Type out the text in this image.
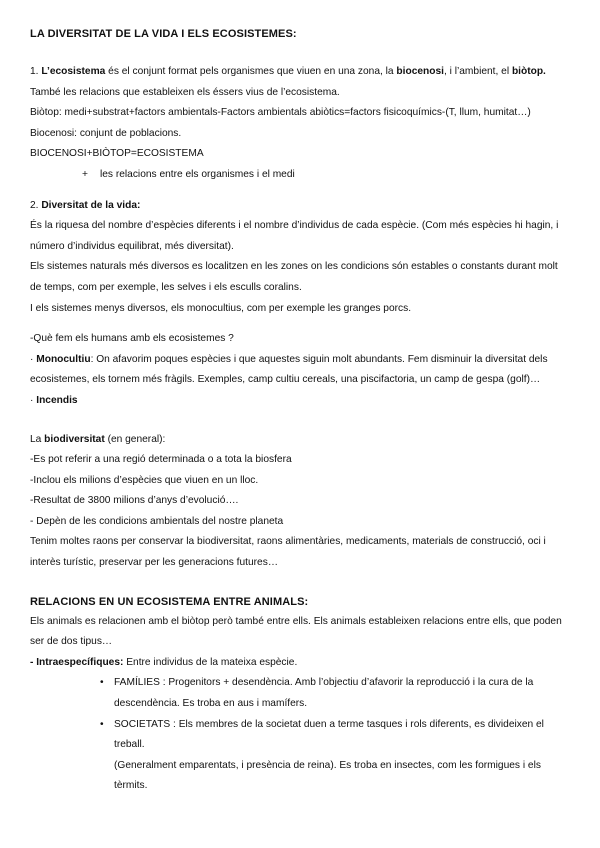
LA DIVERSITAT DE LA VIDA I ELS ECOSISTEMES:

1. L’ecosistema és el conjunt format pels organismes que viuen en una zona, la biocenosi, i l’ambient, el biòtop.

També les relacions que estableixen els éssers vius de l’ecosistema.

Biòtop: medi+substrat+factors ambientals-Factors ambientals abiòtics=factors fisicoquímics-(T, llum, humitat…)

Biocenosi: conjunt de poblacions.

BIOCENOSI+BIÒTOP=ECOSISTEMA

+	les relacions entre els organismes i el medi

2. Diversitat de la vida:

És la riquesa del nombre d’espècies diferents i el nombre d’individus de cada espècie. (Com més espècies hi hagin, i

número d’individus equilibrat, més diversitat).

Els sistemes naturals més diversos es localitzen en les zones on les condicions són estables o constants durant molt

de temps, com per exemple, les selves i els esculls coralins.

I els sistemes menys diversos, els monocultius, com per exemple les granges porcs.

-Què fem els humans amb els ecosistemes ?

· Monocultiu: On afavorim poques espècies i que aquestes siguin molt abundants. Fem disminuir la diversitat dels

ecosistemes, els tornem més fràgils. Exemples, camp cultiu cereals, una piscifactoria, un camp de gespa (golf)…

· Incendis

La biodiversitat (en general):

-Es pot referir a una regió determinada o a tota la biosfera

-Inclou els milions d’espècies que viuen en un lloc.

-Resultat de 3800 milions d’anys d’evolució….

- Depèn de les condicions ambientals del nostre planeta

Tenim moltes raons per conservar la biodiversitat, raons alimentàries, medicaments, materials de construcció, oci i

interès turístic, preservar per les generacions futures…

RELACIONS EN UN ECOSISTEMA ENTRE ANIMALS:

Els animals es relacionen amb el biòtop però també entre ells. Els animals estableixen relacions entre ells, que poden

ser de dos tipus…

- Intraespecífiques: Entre individus de la mateixa espècie.

• FAMÍLIES : Progenitors + desendència. Amb l’objectiu d’afavorir la reproducció i la cura de la
descendència. Es troba en aus i mamífers.
• SOCIETATS : Els membres de la societat duen a terme tasques i rols diferents, es divideixen el treball.
(Generalment emparentats, i presència de reina). Es troba en insectes, com les formigues i els tèrmits.
